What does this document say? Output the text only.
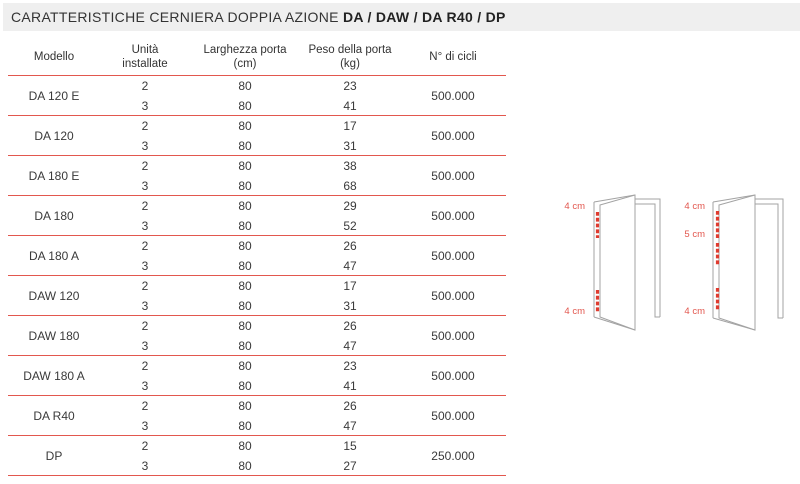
CARATTERISTICHE CERNIERA DOPPIA AZIONE DA / DAW / DA R40 / DP
Modello
Unità
installate
Larghezza porta
(cm)
Peso della porta
(kg)
N° di cicli
DA 120 E
2
3
80
80
23
41
500.000
DA 120
2
3
80
80
17
31
500.000
DA 180 E
2
3
80
80
38
68
500.000
DA 180
2
3
80
80
29
52
500.000
DA 180 A
2
3
80
80
26
47
500.000
DAW 120
2
3
80
80
17
31
500.000
DAW 180
2
3
80
80
26
47
500.000
DAW 180 A
2
3
80
80
23
41
500.000
DA R40
2
3
80
80
26
47
500.000
DP
2
3
80
80
15
27
250.000
4 cm
4 cm
4 cm
5 cm
4 cm
